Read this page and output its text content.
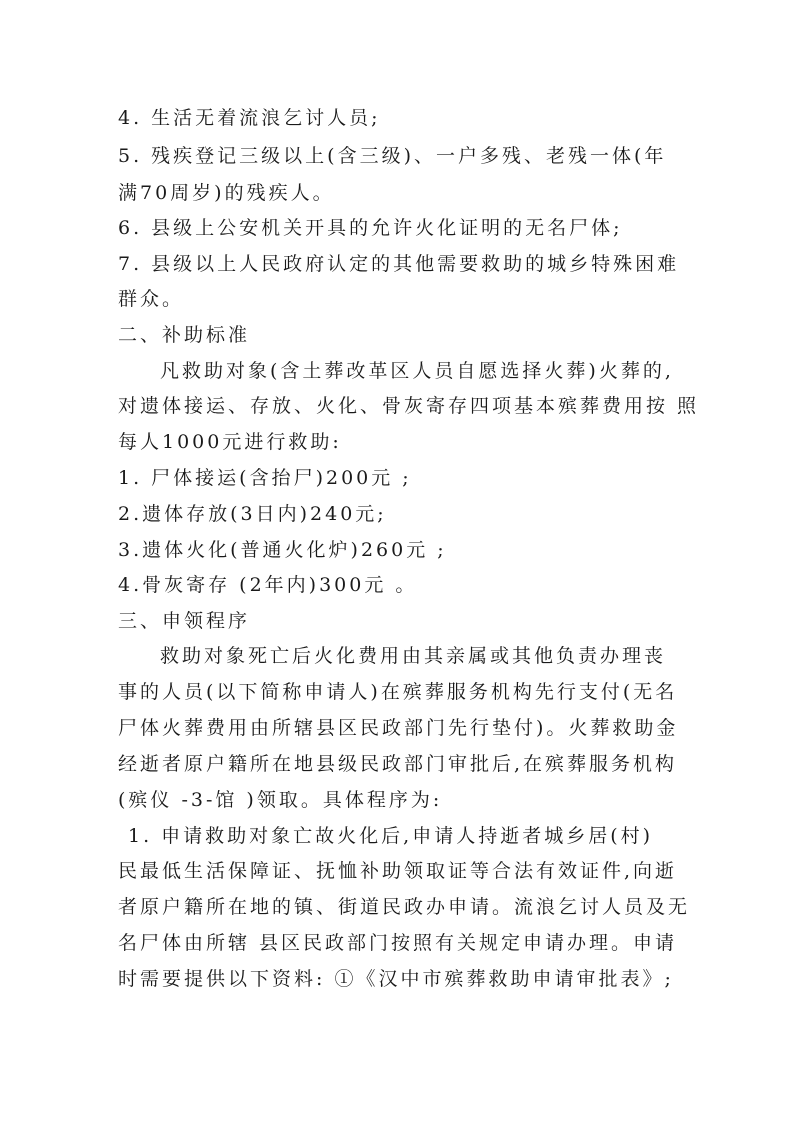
4. 生活无着流浪乞讨人员;

5. 残疾登记三级以上(含三级)、一户多残、老残一体(年

满70周岁)的残疾人。

6. 县级上公安机关开具的允许火化证明的无名尸体;

7. 县级以上人民政府认定的其他需要救助的城乡特殊困难

群众。

二、补助标准

凡救助对象(含土葬改革区人员自愿选择火葬)火葬的,

对遗体接运、存放、火化、骨灰寄存四项基本殡葬费用按 照

每人1000元进行救助:

1. 尸体接运(含抬尸)200元 ;

2.遗体存放(3日内)240元;

3.遗体火化(普通火化炉)260元 ;

4.骨灰寄存 (2年内)300元 。

三、申领程序

救助对象死亡后火化费用由其亲属或其他负责办理丧

事的人员(以下简称申请人)在殡葬服务机构先行支付(无名

尸体火葬费用由所辖县区民政部门先行垫付)。火葬救助金

经逝者原户籍所在地县级民政部门审批后,在殡葬服务机构

(殡仪 -3-馆 )领取。具体程序为:

1. 申请救助对象亡故火化后,申请人持逝者城乡居(村)

民最低生活保障证、抚恤补助领取证等合法有效证件,向逝

者原户籍所在地的镇、街道民政办申请。流浪乞讨人员及无

名尸体由所辖 县区民政部门按照有关规定申请办理。申请

时需要提供以下资料: ①《汉中市殡葬救助申请审批表》;
